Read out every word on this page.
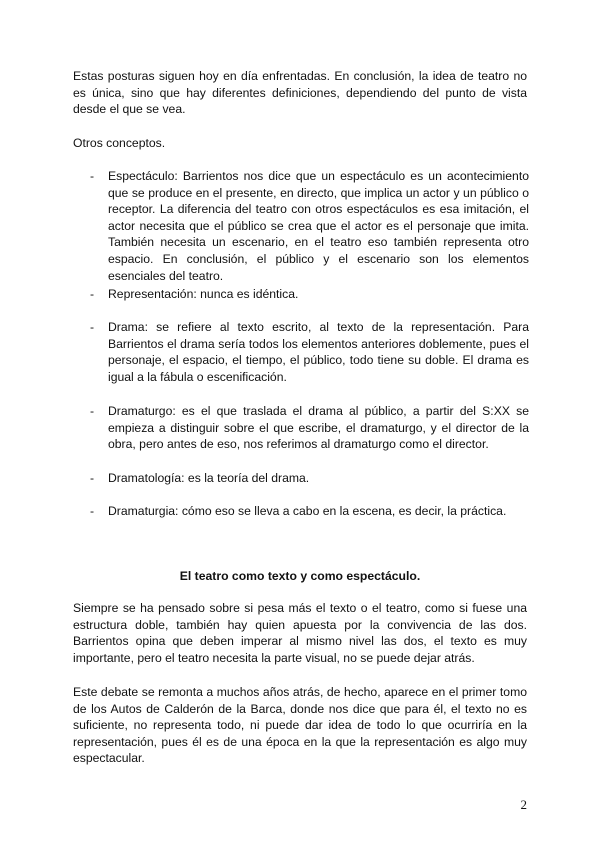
Estas posturas siguen hoy en día enfrentadas. En conclusión, la idea de teatro no es única, sino que hay diferentes definiciones, dependiendo del punto de vista desde el que se vea.

Otros conceptos.

- Espectáculo: Barrientos nos dice que un espectáculo es un acontecimiento que se produce en el presente, en directo, que implica un actor y un público o receptor. La diferencia del teatro con otros espectáculos es esa imitación, el actor necesita que el público se crea que el actor es el personaje que imita. También necesita un escenario, en el teatro eso también representa otro espacio. En conclusión, el público y el escenario son los elementos esenciales del teatro.
- Representación: nunca es idéntica.
- Drama: se refiere al texto escrito, al texto de la representación. Para Barrientos el drama sería todos los elementos anteriores doblemente, pues el personaje, el espacio, el tiempo, el público, todo tiene su doble. El drama es igual a la fábula o escenificación.
- Dramaturgo: es el que traslada el drama al público, a partir del S:XX se empieza a distinguir sobre el que escribe, el dramaturgo, y el director de la obra, pero antes de eso, nos referimos al dramaturgo como el director.
- Dramatología: es la teoría del drama.
- Dramaturgia: cómo eso se lleva a cabo en la escena, es decir, la práctica.
El teatro como texto y como espectáculo.

Siempre se ha pensado sobre si pesa más el texto o el teatro, como si fuese una estructura doble, también hay quien apuesta por la convivencia de las dos. Barrientos opina que deben imperar al mismo nivel las dos, el texto es muy importante, pero el teatro necesita la parte visual, no se puede dejar atrás.

Este debate se remonta a muchos años atrás, de hecho, aparece en el primer tomo de los Autos de Calderón de la Barca, donde nos dice que para él, el texto no es suficiente, no representa todo, ni puede dar idea de todo lo que ocurriría en la representación, pues él es de una época en la que la representación es algo muy espectacular.

2
